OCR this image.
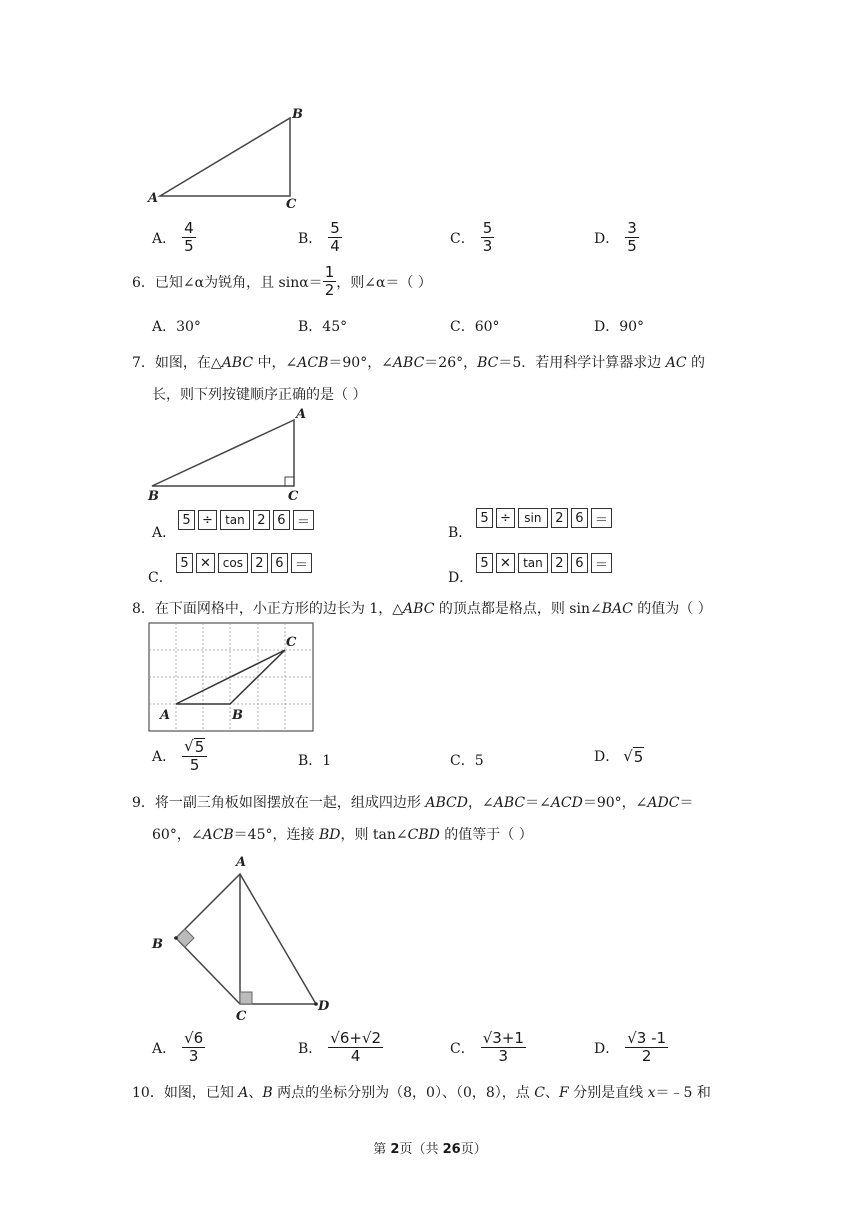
A
B
C
A． $\frac{4}{5}$	B． $\frac{5}{4}$	C． $\frac{5}{3}$	D． $\frac{3}{5}$
6．已知∠α为锐角，且 $\sin\alpha= \frac{1}{2}$ ，则∠α＝（ ）
A．30°	B．45°	C．60°	D．90°
7．如图，在△ABC 中，∠ACB＝90°，∠ABC＝26°，BC＝5．若用科学计算器求边 AC 的
长，则下列按键顺序正确的是（ ）
A
B	C
A．
5 ÷	tan 2 6 ＝
B．
5 ÷	sin	2 6 ＝
C．
5 ✕ cos 2 6 ＝
D．
5 ✕	tan 2 6 ＝
8．在下面网格中，小正方形的边长为 1，△ABC 的顶点都是格点，则 sin∠BAC 的值为（ ）
A	B
C
A． $\frac{√ 5}{5}$	B．1	C．5	D． √ 5
9．将一副三角板如图摆放在一起，组成四边形 ABCD，∠ABC＝∠ACD＝90°，∠ADC＝
60°，∠ACB＝45°，连接 BD，则 tan∠CBD 的值等于（ ）
A
B
C
D
A． $\frac{√6}{3}$	B． $\frac{√6+√2}{4}$	C． $\frac{√3+1}{3}$	D． $\frac{√3 -1}{2}$
10．如图，已知 A、B 两点的坐标分别为（8，0）、（0，8），点 C、F 分别是直线 x＝﹣5 和
第 2页（共 26页）
